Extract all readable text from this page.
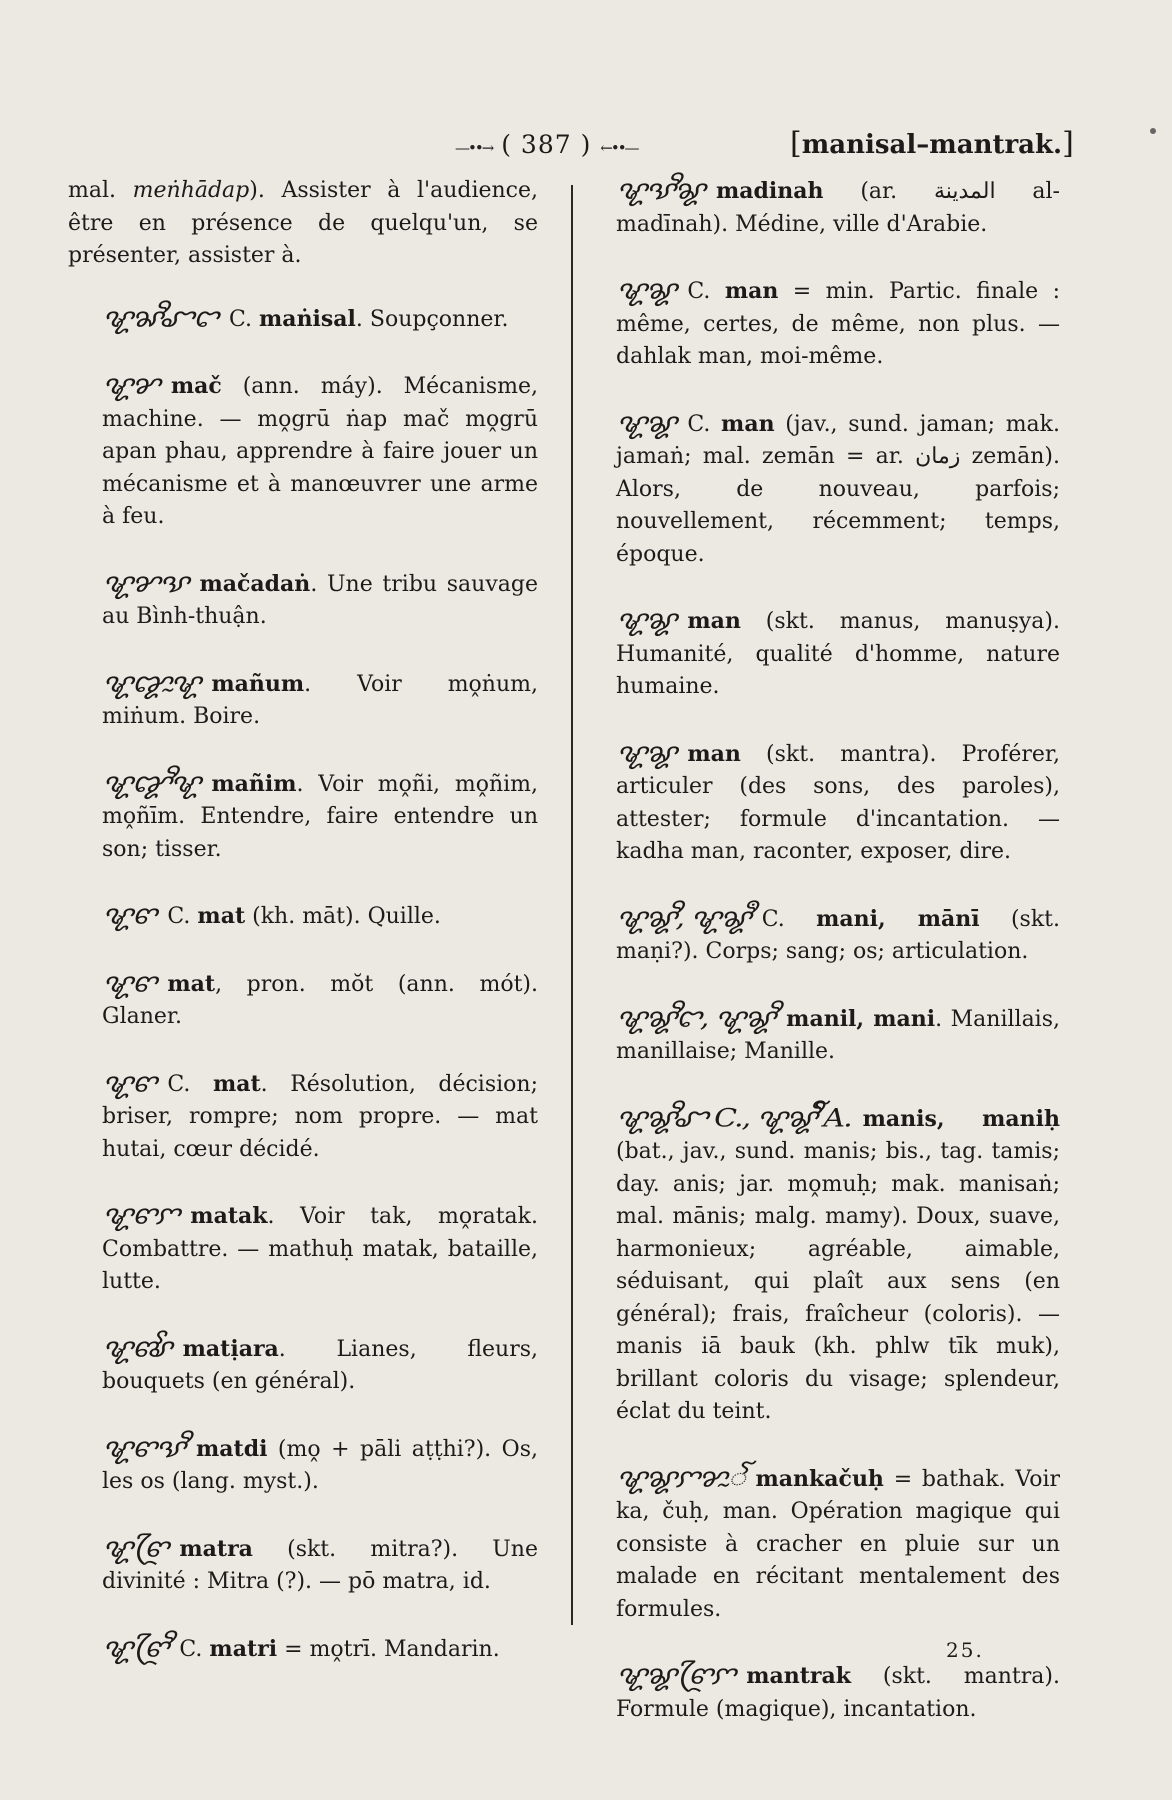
—••→ ( 387 ) ←••—	[manisal–mantrak.]

mal. meṅhādap). Assister à l'audience, être en présence de quelqu'un, se présenter, assister à.

ꨠꨗꨪꨧꨤ C. maṅisal. Soupçonner.

ꨠꨌ mač (ann. máy). Mécanisme, machine. — mo̭grū ṅap mač mo̭grū apan phau, apprendre à faire jouer un mécanisme et à manœuvrer une arme à feu.

ꨠꨌꨕ mačadaṅ. Une tribu sauvage au Bình-thuận.

ꨠꨑꨭꨠ mañum. Voir mo̭ṅum, miṅum. Boire.

ꨠꨑꨪꨠ mañim. Voir mo̭ñi, mo̭ñim, mo̭ñīm. Entendre, faire entendre un son; tisser.

ꨠꨓ C. mat (kh. māt). Quille.

ꨠꨓ mat, pron. mŏt (ann. mót). Glaner.

ꨠꨓ C. mat. Résolution, décision; briser, rompre; nom propre. — mat hutai, cœur décidé.

ꨠꨓꨆ matak. Voir tak, mo̭ratak. Combattre. — mathuḥ matak, bataille, lutte.

ꨠꨓꨩꨣ matịara. Lianes, fleurs, bouquets (en général).

ꨠꨓꨕꨪ matdi (mo̭ + pāli aṭṭhi?). Os, les os (lang. myst.).

ꨠꨓꨴ matra (skt. mitra?). Une divinité : Mitra (?). — pō matra, id.

ꨠꨓꨴꨪ C. matri = mo̭trī. Mandarin.

ꨠꨕꨪꨘ madinah (ar. المدينة al-madīnah). Médine, ville d'Arabie.

ꨠꨘ C. man = min. Partic. finale : même, certes, de même, non plus. — dahlak man, moi-même.

ꨠꨘ C. man (jav., sund. jaman; mak. jamaṅ; mal. zemān = ar. زمان zemān). Alors, de nouveau, parfois; nouvellement, récemment; temps, époque.

ꨠꨘ man (skt. manus, manuṣya). Humanité, qualité d'homme, nature humaine.

ꨠꨘ man (skt. mantra). Proférer, articuler (des sons, des paroles), attester; formule d'incantation. — kadha man, raconter, exposer, dire.

ꨠꨘꨪ, ꨠꨘꨫ C. mani, mānī (skt. maṇi?). Corps; sang; os; articulation.

ꨠꨘꨪꨤ, ꨠꨘꨪ manil, mani. Manillais, manillaise; Manille.

ꨠꨘꨪꨧ C., ꨠꨘꨪꨱ A. manis, maniḥ (bat., jav., sund. manis; bis., tag. tamis; day. anis; jar. mo̭muḥ; mak. manisaṅ; mal. mānis; malg. mamy). Doux, suave, harmonieux; agréable, aimable, séduisant, qui plaît aux sens (en général); frais, fraîcheur (coloris). — manis iā bauk (kh. phlw tīk muk), brillant coloris du visage; splendeur, éclat du teint.

ꨠꨘꨆꨌꨭꨱ mankačuḥ = bathak. Voir ka, čuḥ, man. Opération magique qui consiste à cracher en pluie sur un malade en récitant mentalement des formules.

ꨠꨘꨓꨴꨆ mantrak (skt. mantra). Formule (magique), incantation.

25.
